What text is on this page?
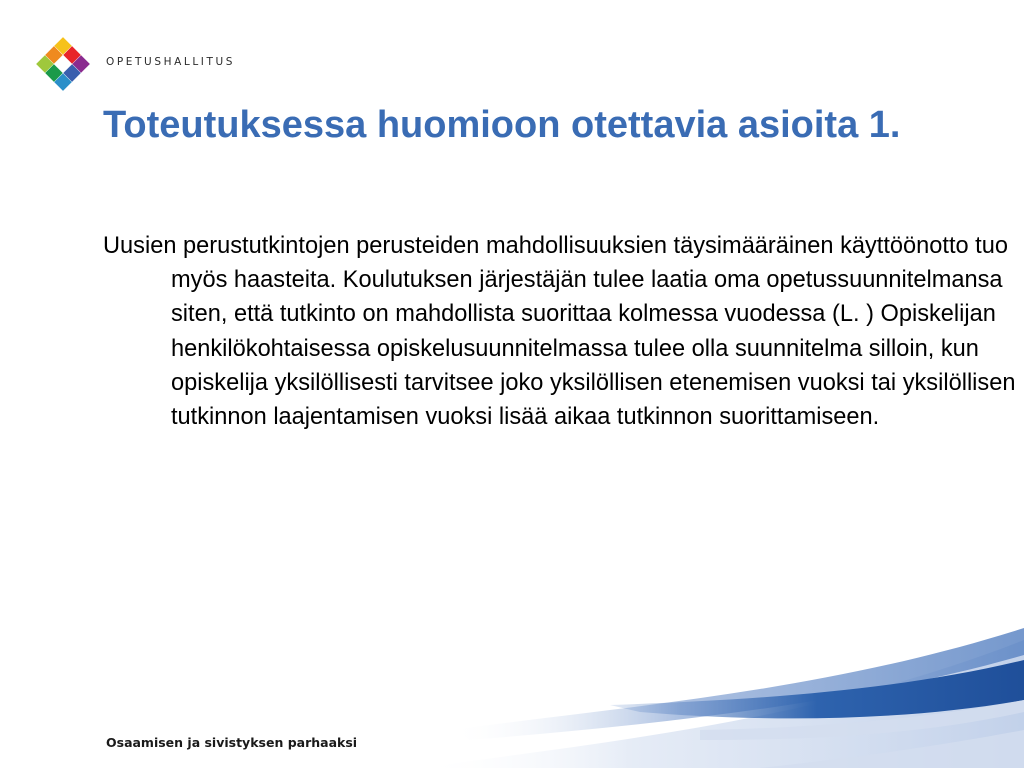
OPETUSHALLITUS
Toteutuksessa huomioon otettavia asioita 1.

Uusien perustutkintojen perusteiden mahdollisuuksien täysimääräinen käyttöönotto tuo myös haasteita. Koulutuksen järjestäjän tulee laatia oma opetussuunnitelmansa siten, että tutkinto on mahdollista suorittaa kolmessa vuodessa (L. ) Opiskelijan henkilökohtaisessa opiskelusuunnitelmassa tulee olla suunnitelma silloin, kun opiskelija yksilöllisesti tarvitsee joko yksilöllisen etenemisen vuoksi tai yksilöllisen tutkinnon laajentamisen vuoksi lisää aikaa tutkinnon suorittamiseen.

Osaamisen ja sivistyksen parhaaksi
